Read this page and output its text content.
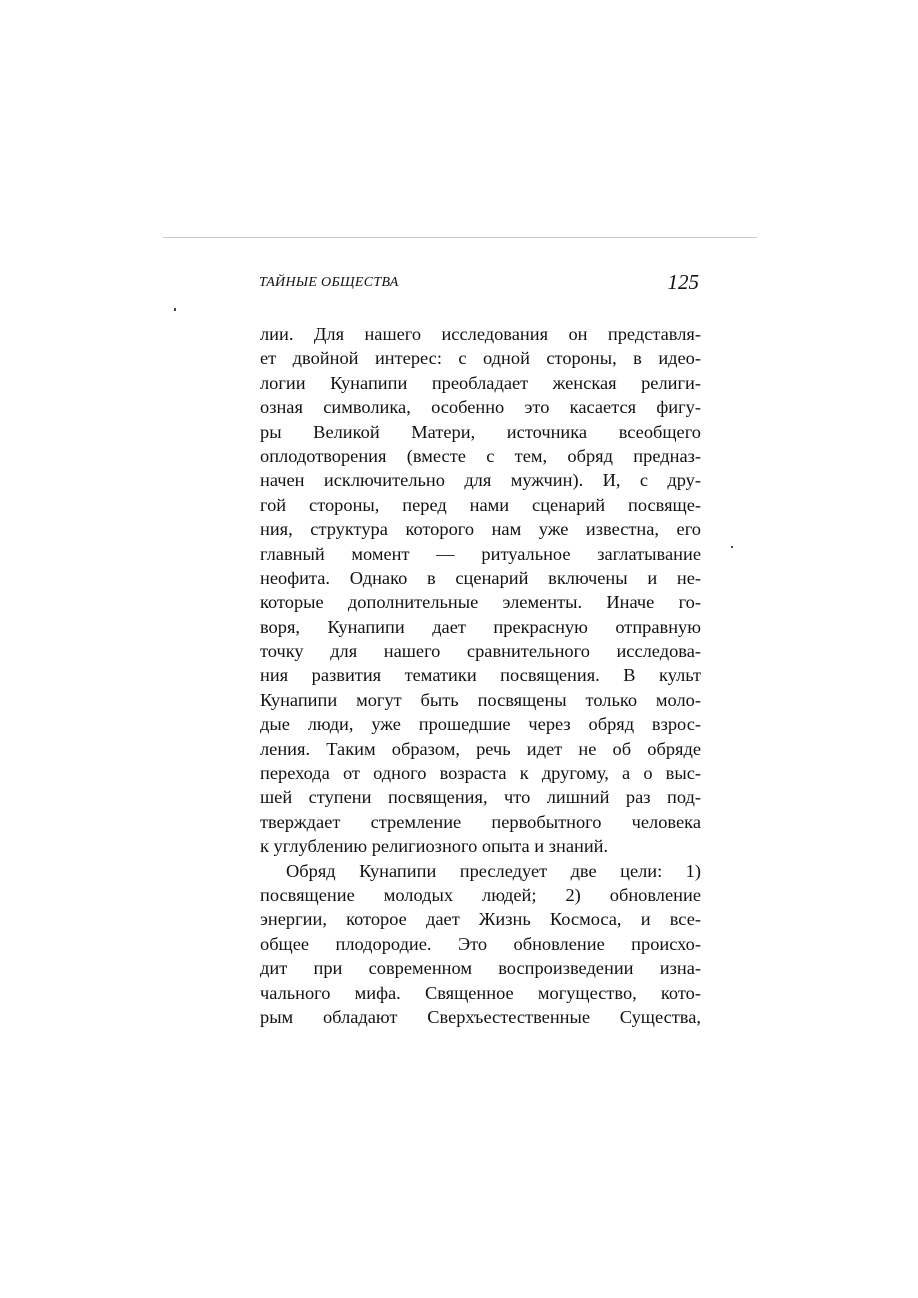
ТАЙНЫЕ ОБЩЕСТВА	125
лии. Для нашего исследования он представля-
ет двойной интерес: с одной стороны, в идео-
логии Кунапипи преобладает женская религи-
озная символика, особенно это касается фигу-
ры Великой Матери, источника всеобщего
оплодотворения (вместе с тем, обряд предназ-
начен исключительно для мужчин). И, с дру-
гой стороны, перед нами сценарий посвяще-
ния, структура которого нам уже известна, его
главный момент — ритуальное заглатывание
неофита. Однако в сценарий включены и не-
которые дополнительные элементы. Иначе го-
воря, Кунапипи дает прекрасную отправную
точку для нашего сравнительного исследова-
ния развития тематики посвящения. В культ
Кунапипи могут быть посвящены только моло-
дые люди, уже прошедшие через обряд взрос-
ления. Таким образом, речь идет не об обряде
перехода от одного возраста к другому, а о выс-
шей ступени посвящения, что лишний раз под-
тверждает стремление первобытного человека
к углублению религиозного опыта и знаний.
Обряд Кунапипи преследует две цели: 1)
посвящение молодых людей; 2) обновление
энергии, которое дает Жизнь Космоса, и все-
общее плодородие. Это обновление происхо-
дит при современном воспроизведении изна-
чального мифа. Священное могущество, кото-
рым обладают Сверхъестественные Существа,
